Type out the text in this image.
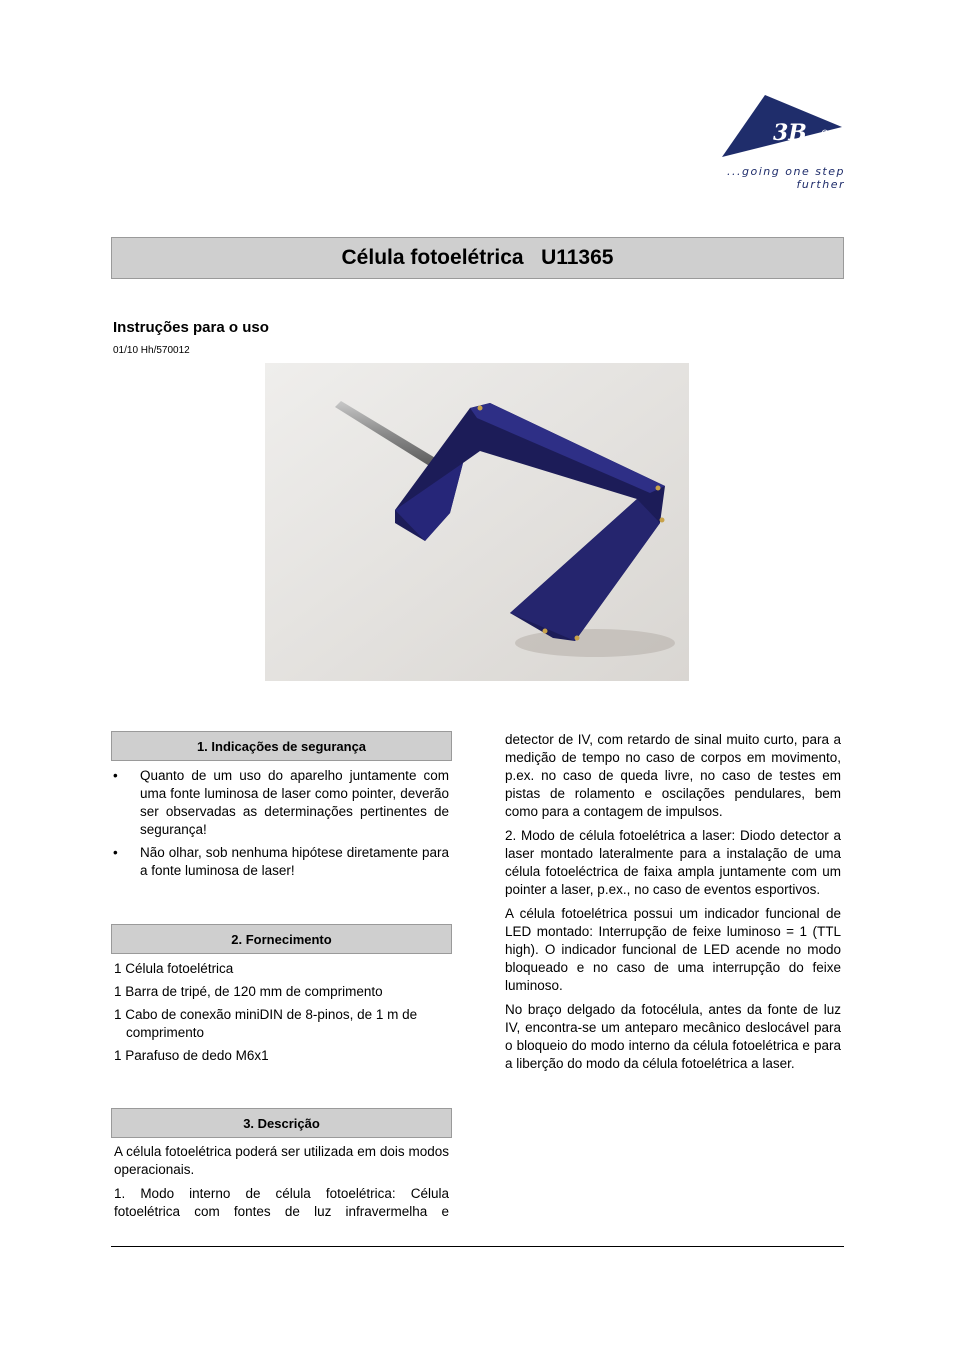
3B
...going one step further
Célula fotoelétrica   U11365
Instruções para o uso
01/10 Hh/570012
1. Indicações de segurança
• Quanto de um uso do aparelho juntamente com uma fonte luminosa de laser como pointer, deverão ser observadas as determinações pertinentes de segurança!
• Não olhar, sob nenhuma hipótese diretamente para a fonte luminosa de laser!
2. Fornecimento
1 Célula fotoelétrica
1 Barra de tripé, de 120 mm de comprimento
1 Cabo de conexão miniDIN de 8-pinos, de 1 m de comprimento
1 Parafuso de dedo M6x1
3. Descrição

A célula fotoelétrica poderá ser utilizada em dois modos operacionais.

1. Modo interno de célula fotoelétrica: Célula fotoelétrica com fontes de luz infravermelha e

detector de IV, com retardo de sinal muito curto, para a medição de tempo no caso de corpos em movimento, p.ex. no caso de queda livre, no caso de testes em pistas de rolamento e oscilações pendulares, bem como para a contagem de impulsos.

2. Modo de célula fotoelétrica a laser: Diodo detector a laser montado lateralmente para a instalação de uma célula fotoeléctrica de faixa ampla juntamente com um pointer a laser, p.ex., no caso de eventos esportivos.

A célula fotoelétrica possui um indicador funcional de LED montado: Interrupção de feixe luminoso = 1 (TTL high). O indicador funcional de LED acende no modo bloqueado e no caso de uma interrupção do feixe luminoso.

No braço delgado da fotocélula, antes da fonte de luz IV, encontra-se um anteparo mecânico deslocável para o bloqueio do modo interno da célula fotoelétrica e para a liberção do modo da célula fotoelétrica a laser.
